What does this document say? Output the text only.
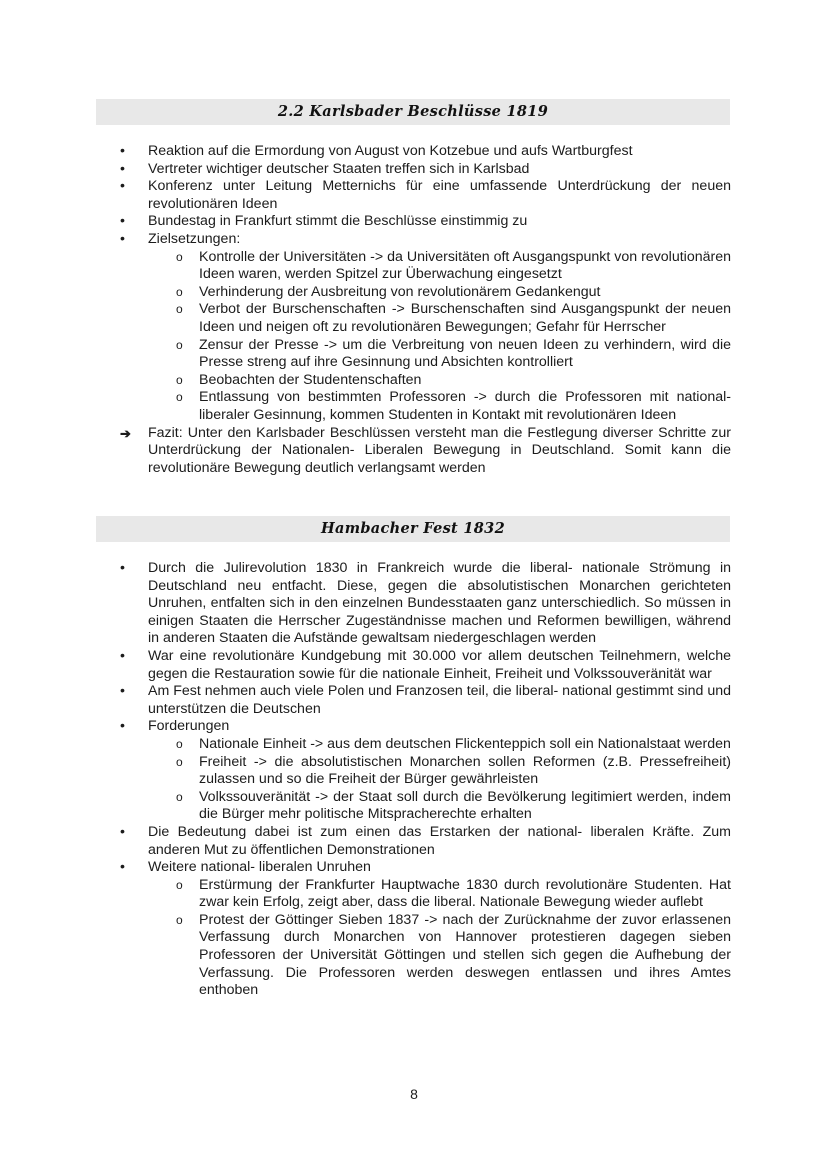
2.2 Karlsbader Beschlüsse 1819
•	Reaktion auf die Ermordung von August von Kotzebue und aufs Wartburgfest
•	Vertreter wichtiger deutscher Staaten treffen sich in Karlsbad
•	Konferenz unter Leitung Metternichs für eine umfassende Unterdrückung der neuen revolutionären Ideen
•	Bundestag in Frankfurt stimmt die Beschlüsse einstimmig zu
•	Zielsetzungen:
o Kontrolle der Universitäten -> da Universitäten oft Ausgangspunkt von revolutionären Ideen waren, werden Spitzel zur Überwachung eingesetzt
o Verhinderung der Ausbreitung von revolutionärem Gedankengut
o Verbot der Burschenschaften -> Burschenschaften sind Ausgangspunkt der neuen Ideen und neigen oft zu revolutionären Bewegungen; Gefahr für Herrscher
o Zensur der Presse -> um die Verbreitung von neuen Ideen zu verhindern, wird die Presse streng auf ihre Gesinnung und Absichten kontrolliert
o Beobachten der Studentenschaften
o Entlassung von bestimmten Professoren -> durch die Professoren mit national- liberaler Gesinnung, kommen Studenten in Kontakt mit revolutionären Ideen
➔ Fazit: Unter den Karlsbader Beschlüssen versteht man die Festlegung diverser Schritte zur Unterdrückung der Nationalen- Liberalen Bewegung in Deutschland. Somit kann die revolutionäre Bewegung deutlich verlangsamt werden
Hambacher Fest 1832
•	Durch die Julirevolution 1830 in Frankreich wurde die liberal- nationale Strömung in Deutschland neu entfacht. Diese, gegen die absolutistischen Monarchen gerichteten Unruhen, entfalten sich in den einzelnen Bundesstaaten ganz unterschiedlich. So müssen in einigen Staaten die Herrscher Zugeständnisse machen und Reformen bewilligen, während in anderen Staaten die Aufstände gewaltsam niedergeschlagen werden
•	War eine revolutionäre Kundgebung mit 30.000 vor allem deutschen Teilnehmern, welche gegen die Restauration sowie für die nationale Einheit, Freiheit und Volkssouveränität war
•	Am Fest nehmen auch viele Polen und Franzosen teil, die liberal- national gestimmt sind und unterstützen die Deutschen
•	Forderungen
o Nationale Einheit -> aus dem deutschen Flickenteppich soll ein Nationalstaat werden
o Freiheit -> die absolutistischen Monarchen sollen Reformen (z.B. Pressefreiheit) zulassen und so die Freiheit der Bürger gewährleisten
o Volkssouveränität -> der Staat soll durch die Bevölkerung legitimiert werden, indem die Bürger mehr politische Mitspracherechte erhalten
•	Die Bedeutung dabei ist zum einen das Erstarken der national- liberalen Kräfte. Zum anderen Mut zu öffentlichen Demonstrationen
•	Weitere national- liberalen Unruhen
o Erstürmung der Frankfurter Hauptwache 1830 durch revolutionäre Studenten. Hat zwar kein Erfolg, zeigt aber, dass die liberal. Nationale Bewegung wieder auflebt
o Protest der Göttinger Sieben 1837 -> nach der Zurücknahme der zuvor erlassenen Verfassung durch Monarchen von Hannover protestieren dagegen sieben Professoren der Universität Göttingen und stellen sich gegen die Aufhebung der Verfassung. Die Professoren werden deswegen entlassen und ihres Amtes enthoben
8
